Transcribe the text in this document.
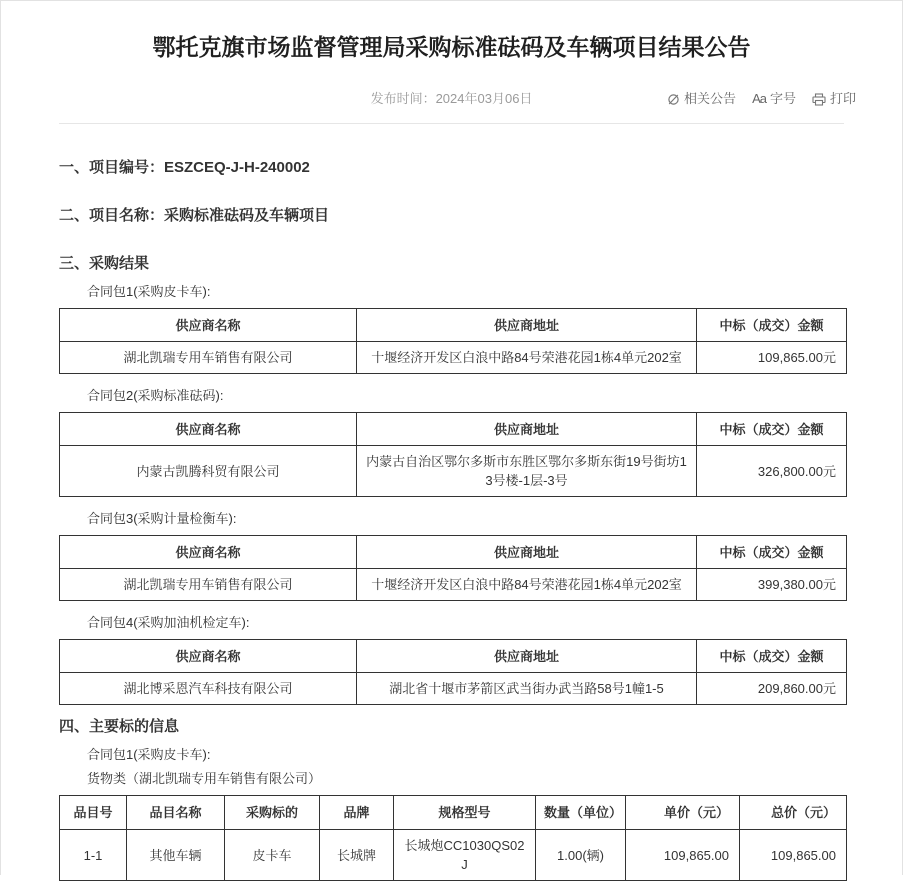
鄂托克旗市场监督管理局采购标准砝码及车辆项目结果公告
发布时间：2024年03月06日	相关公告 Aa 字号	打印
一、项目编号：ESZCEQ-J-H-240002
二、项目名称：采购标准砝码及车辆项目
三、采购结果
合同包1(采购皮卡车):
供应商名称	供应商地址	中标（成交）金额
湖北凯瑞专用车销售有限公司	十堰经济开发区白浪中路84号荣港花园1栋4单元202室	109,865.00元
合同包2(采购标准砝码):
供应商名称	供应商地址	中标（成交）金额
内蒙古凯腾科贸有限公司	内蒙古自治区鄂尔多斯市东胜区鄂尔多斯东街19号街坊13号楼-1层-3号	326,800.00元
合同包3(采购计量检衡车):
供应商名称	供应商地址	中标（成交）金额
湖北凯瑞专用车销售有限公司	十堰经济开发区白浪中路84号荣港花园1栋4单元202室	399,380.00元
合同包4(采购加油机检定车):
供应商名称	供应商地址	中标（成交）金额
湖北博采恩汽车科技有限公司	湖北省十堰市茅箭区武当街办武当路58号1幢1-5	209,860.00元
四、主要标的信息
合同包1(采购皮卡车):
货物类（湖北凯瑞专用车销售有限公司）
品目号	品目名称	采购标的	品牌	规格型号	数量（单位）	单价（元）	总价（元）
1-1	其他车辆	皮卡车	长城牌	长城炮CC1030QS02J	1.00(辆)	109,865.00	109,865.00
